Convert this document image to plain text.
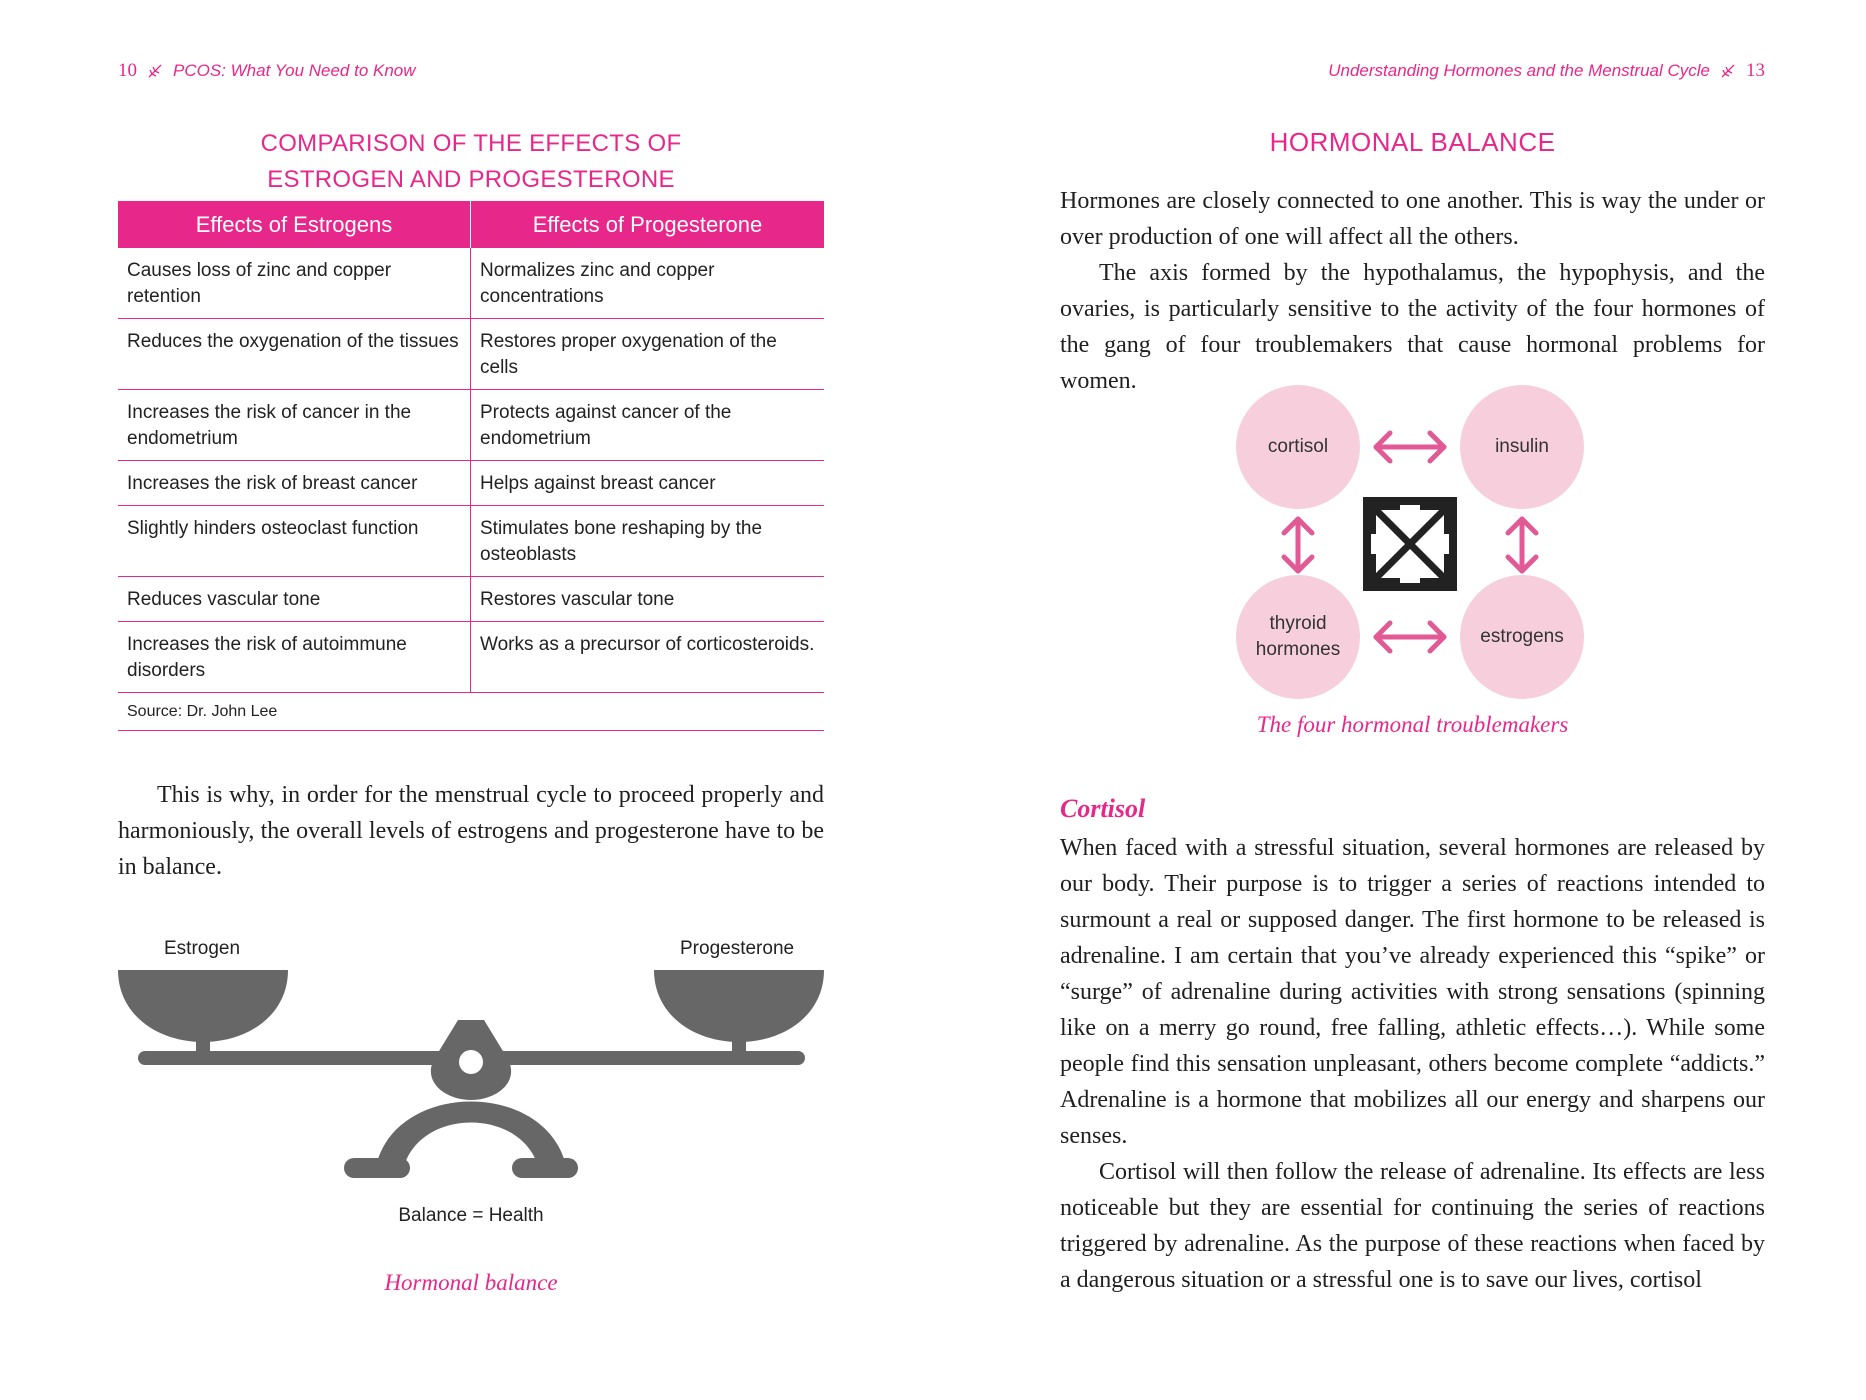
10 PCOS: What You Need to Know
COMPARISON OF THE EFFECTS OF
ESTROGEN AND PROGESTERONE
Effects of Estrogens	Effects of Progesterone
Causes loss of zinc and copper retention	Normalizes zinc and copper concentrations
Reduces the oxygenation of the tissues	Restores proper oxygenation of the cells
Increases the risk of cancer in the endometrium	Protects against cancer of the endometrium
Increases the risk of breast cancer	Helps against breast cancer
Slightly hinders osteoclast function	Stimulates bone reshaping by the osteoblasts
Reduces vascular tone	Restores vascular tone
Increases the risk of autoimmune disorders	Works as a precursor of corticosteroids.
Source: Dr. John Lee	

This is why, in order for the menstrual cycle to proceed properly and harmoniously, the overall levels of estrogens and progesterone have to be in balance.

Estrogen	Progesterone
Balance = Health
Hormonal balance
Understanding Hormones and the Menstrual Cycle 13
HORMONAL BALANCE

Hormones are closely connected to one another. This is way the under or over production of one will affect all the others.

The axis formed by the hypothalamus, the hypophysis, and the ovaries, is particularly sensitive to the activity of the four hormones of the gang of four troublemakers that cause hormonal problems for women.

cortisol	insulin
thyroid
hormones
estrogens
The four hormonal troublemakers
Cortisol

When faced with a stressful situation, several hormones are released by our body. Their purpose is to trigger a series of reactions intended to surmount a real or supposed danger. The first hormone to be released is adrenaline. I am certain that you’ve already experienced this “spike” or “surge” of adrenaline during activities with strong sensations (spinning like on a merry go round, free falling, athletic effects…). While some people find this sensation unpleasant, others become complete “addicts.” Adrenaline is a hormone that mobilizes all our energy and sharpens our senses.

Cortisol will then follow the release of adrenaline. Its effects are less noticeable but they are essential for continuing the series of reactions triggered by adrenaline. As the purpose of these reactions when faced by a dangerous situation or a stressful one is to save our lives, cortisol
